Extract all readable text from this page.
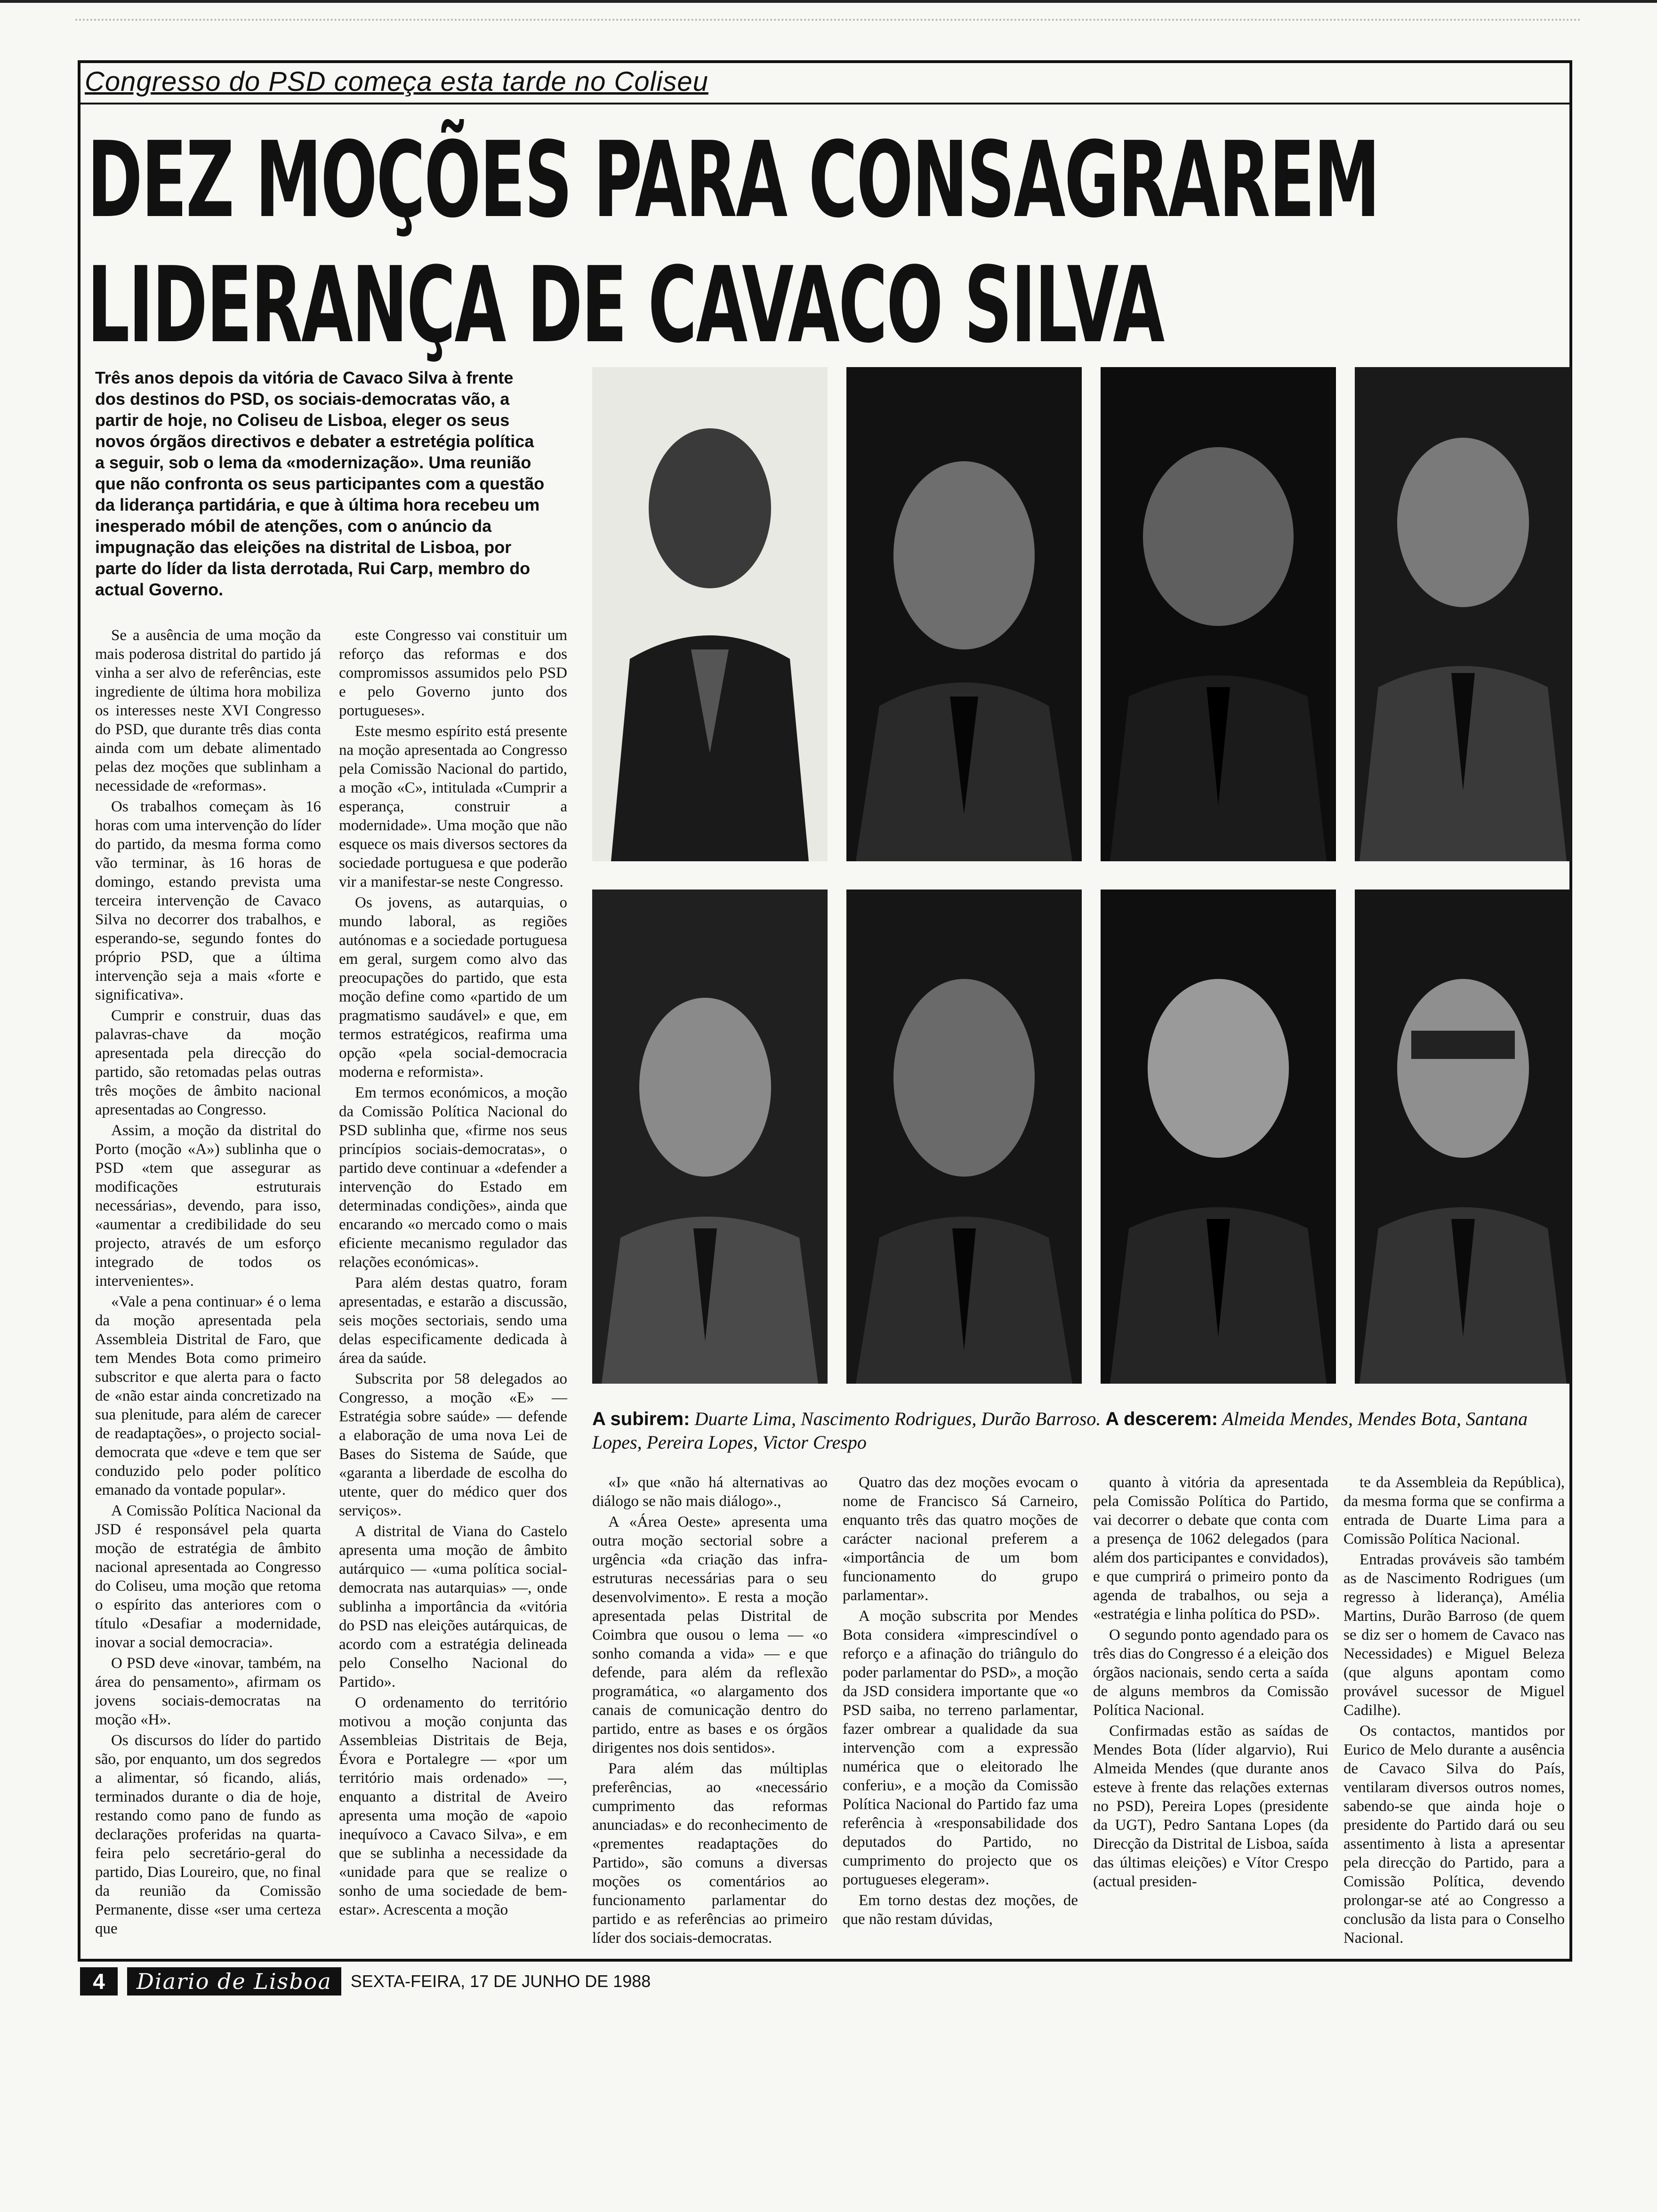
Congresso do PSD começa esta tarde no Coliseu
DEZ MOÇÕES PARA CONSAGRAREM
LIDERANÇA DE CAVACO SILVA
Três anos depois da vitória de Cavaco Silva à frente dos destinos do PSD, os sociais-democratas vão, a partir de hoje, no Coliseu de Lisboa, eleger os seus novos órgãos directivos e debater a estretégia política a seguir, sob o lema da «modernização». Uma reunião que não confronta os seus participantes com a questão da liderança partidária, e que à última hora recebeu um inesperado móbil de atenções, com o anúncio da impugnação das eleições na distrital de Lisboa, por parte do líder da lista derrotada, Rui Carp, membro do actual Governo.

Se a ausência de uma moção da mais poderosa distrital do partido já vinha a ser alvo de referências, este ingrediente de última hora mobiliza os interesses neste XVI Congresso do PSD, que durante três dias conta ainda com um debate alimentado pelas dez moções que sublinham a necessidade de «reformas».

Os trabalhos começam às 16 horas com uma intervenção do líder do partido, da mesma forma como vão terminar, às 16 horas de domingo, estando prevista uma terceira intervenção de Cavaco Silva no decorrer dos trabalhos, e esperando-se, segundo fontes do próprio PSD, que a última intervenção seja a mais «forte e significativa».

Cumprir e construir, duas das palavras-chave da moção apresentada pela direcção do partido, são retomadas pelas outras três moções de âmbito nacional apresentadas ao Congresso.

Assim, a moção da distrital do Porto (moção «A») sublinha que o PSD «tem que assegurar as modificações estruturais necessárias», devendo, para isso, «aumentar a credibilidade do seu projecto, através de um esforço integrado de todos os intervenientes».

«Vale a pena continuar» é o lema da moção apresentada pela Assembleia Distrital de Faro, que tem Mendes Bota como primeiro subscritor e que alerta para o facto de «não estar ainda concretizado na sua plenitude, para além de carecer de readaptações», o projecto social-democrata que «deve e tem que ser conduzido pelo poder político emanado da vontade popular».

A Comissão Política Nacional da JSD é responsável pela quarta moção de estratégia de âmbito nacional apresentada ao Congresso do Coliseu, uma moção que retoma o espírito das anteriores com o título «Desafiar a modernidade, inovar a social democracia».

O PSD deve «inovar, também, na área do pensamento», afirmam os jovens sociais-democratas na moção «H».

Os discursos do líder do partido são, por enquanto, um dos segredos a alimentar, só ficando, aliás, terminados durante o dia de hoje, restando como pano de fundo as declarações proferidas na quarta-feira pelo secretário-geral do partido, Dias Loureiro, que, no final da reunião da Comissão Permanente, disse «ser uma certeza que

este Congresso vai constituir um reforço das reformas e dos compromissos assumidos pelo PSD e pelo Governo junto dos portugueses».

Este mesmo espírito está presente na moção apresentada ao Congresso pela Comissão Nacional do partido, a moção «C», intitulada «Cumprir a esperança, construir a modernidade». Uma moção que não esquece os mais diversos sectores da sociedade portuguesa e que poderão vir a manifestar-se neste Congresso.

Os jovens, as autarquias, o mundo laboral, as regiões autónomas e a sociedade portuguesa em geral, surgem como alvo das preocupações do partido, que esta moção define como «partido de um pragmatismo saudável» e que, em termos estratégicos, reafirma uma opção «pela social-democracia moderna e reformista».

Em termos económicos, a moção da Comissão Política Nacional do PSD sublinha que, «firme nos seus princípios sociais-democratas», o partido deve continuar a «defender a intervenção do Estado em determinadas condições», ainda que encarando «o mercado como o mais eficiente mecanismo regulador das relações económicas».

Para além destas quatro, foram apresentadas, e estarão a discussão, seis moções sectoriais, sendo uma delas especificamente dedicada à área da saúde.

Subscrita por 58 delegados ao Congresso, a moção «E» — Estratégia sobre saúde» — defende a elaboração de uma nova Lei de Bases do Sistema de Saúde, que «garanta a liberdade de escolha do utente, quer do médico quer dos serviços».

A distrital de Viana do Castelo apresenta uma moção de âmbito autárquico — «uma política social-democrata nas autarquias» —, onde sublinha a importância da «vitória do PSD nas eleições autárquicas, de acordo com a estratégia delineada pelo Conselho Nacional do Partido».

O ordenamento do território motivou a moção conjunta das Assembleias Distritais de Beja, Évora e Portalegre — «por um território mais ordenado» —, enquanto a distrital de Aveiro apresenta uma moção de «apoio inequívoco a Cavaco Silva», e em que se sublinha a necessidade da «unidade para que se realize o sonho de uma sociedade de bem-estar». Acrescenta a moção

A subirem: Duarte Lima, Nascimento Rodrigues, Durão Barroso. A descerem: Almeida Mendes, Mendes Bota, Santana Lopes, Pereira Lopes, Victor Crespo

«I» que «não há alternativas ao diálogo se não mais diálogo».,

A «Área Oeste» apresenta uma outra moção sectorial sobre a urgência «da criação das infra-estruturas necessárias para o seu desenvolvimento». E resta a moção apresentada pelas Distrital de Coimbra que ousou o lema — «o sonho comanda a vida» — e que defende, para além da reflexão programática, «o alargamento dos canais de comunicação dentro do partido, entre as bases e os órgãos dirigentes nos dois sentidos».

Para além das múltiplas preferências, ao «necessário cumprimento das reformas anunciadas» e do reconhecimento de «prementes readaptações do Partido», são comuns a diversas moções os comentários ao funcionamento parlamentar do partido e as referências ao primeiro líder dos sociais-democratas.

Quatro das dez moções evocam o nome de Francisco Sá Carneiro, enquanto três das quatro moções de carácter nacional preferem a «importância de um bom funcionamento do grupo parlamentar».

A moção subscrita por Mendes Bota considera «imprescindível o reforço e a afinação do triângulo do poder parlamentar do PSD», a moção da JSD considera importante que «o PSD saiba, no terreno parlamentar, fazer ombrear a qualidade da sua intervenção com a expressão numérica que o eleitorado lhe conferiu», e a moção da Comissão Política Nacional do Partido faz uma referência à «responsabilidade dos deputados do Partido, no cumprimento do projecto que os portugueses elegeram».

Em torno destas dez moções, de que não restam dúvidas,

quanto à vitória da apresentada pela Comissão Política do Partido, vai decorrer o debate que conta com a presença de 1062 delegados (para além dos participantes e convidados), e que cumprirá o primeiro ponto da agenda de trabalhos, ou seja a «estratégia e linha política do PSD».

O segundo ponto agendado para os três dias do Congresso é a eleição dos órgãos nacionais, sendo certa a saída de alguns membros da Comissão Política Nacional.

Confirmadas estão as saídas de Mendes Bota (líder algarvio), Rui Almeida Mendes (que durante anos esteve à frente das relações externas no PSD), Pereira Lopes (presidente da UGT), Pedro Santana Lopes (da Direcção da Distrital de Lisboa, saída das últimas eleições) e Vítor Crespo (actual presiden-

te da Assembleia da República), da mesma forma que se confirma a entrada de Duarte Lima para a Comissão Política Nacional.

Entradas prováveis são também as de Nascimento Rodrigues (um regresso à liderança), Amélia Martins, Durão Barroso (de quem se diz ser o homem de Cavaco nas Necessidades) e Miguel Beleza (que alguns apontam como provável sucessor de Miguel Cadilhe).

Os contactos, mantidos por Eurico de Melo durante a ausência de Cavaco Silva do País, ventilaram diversos outros nomes, sabendo-se que ainda hoje o presidente do Partido dará ou seu assentimento à lista a apresentar pela direcção do Partido, para a Comissão Política, devendo prolongar-se até ao Congresso a conclusão da lista para o Conselho Nacional.

4	Diario de Lisboa	SEXTA-FEIRA, 17 DE JUNHO DE 1988
